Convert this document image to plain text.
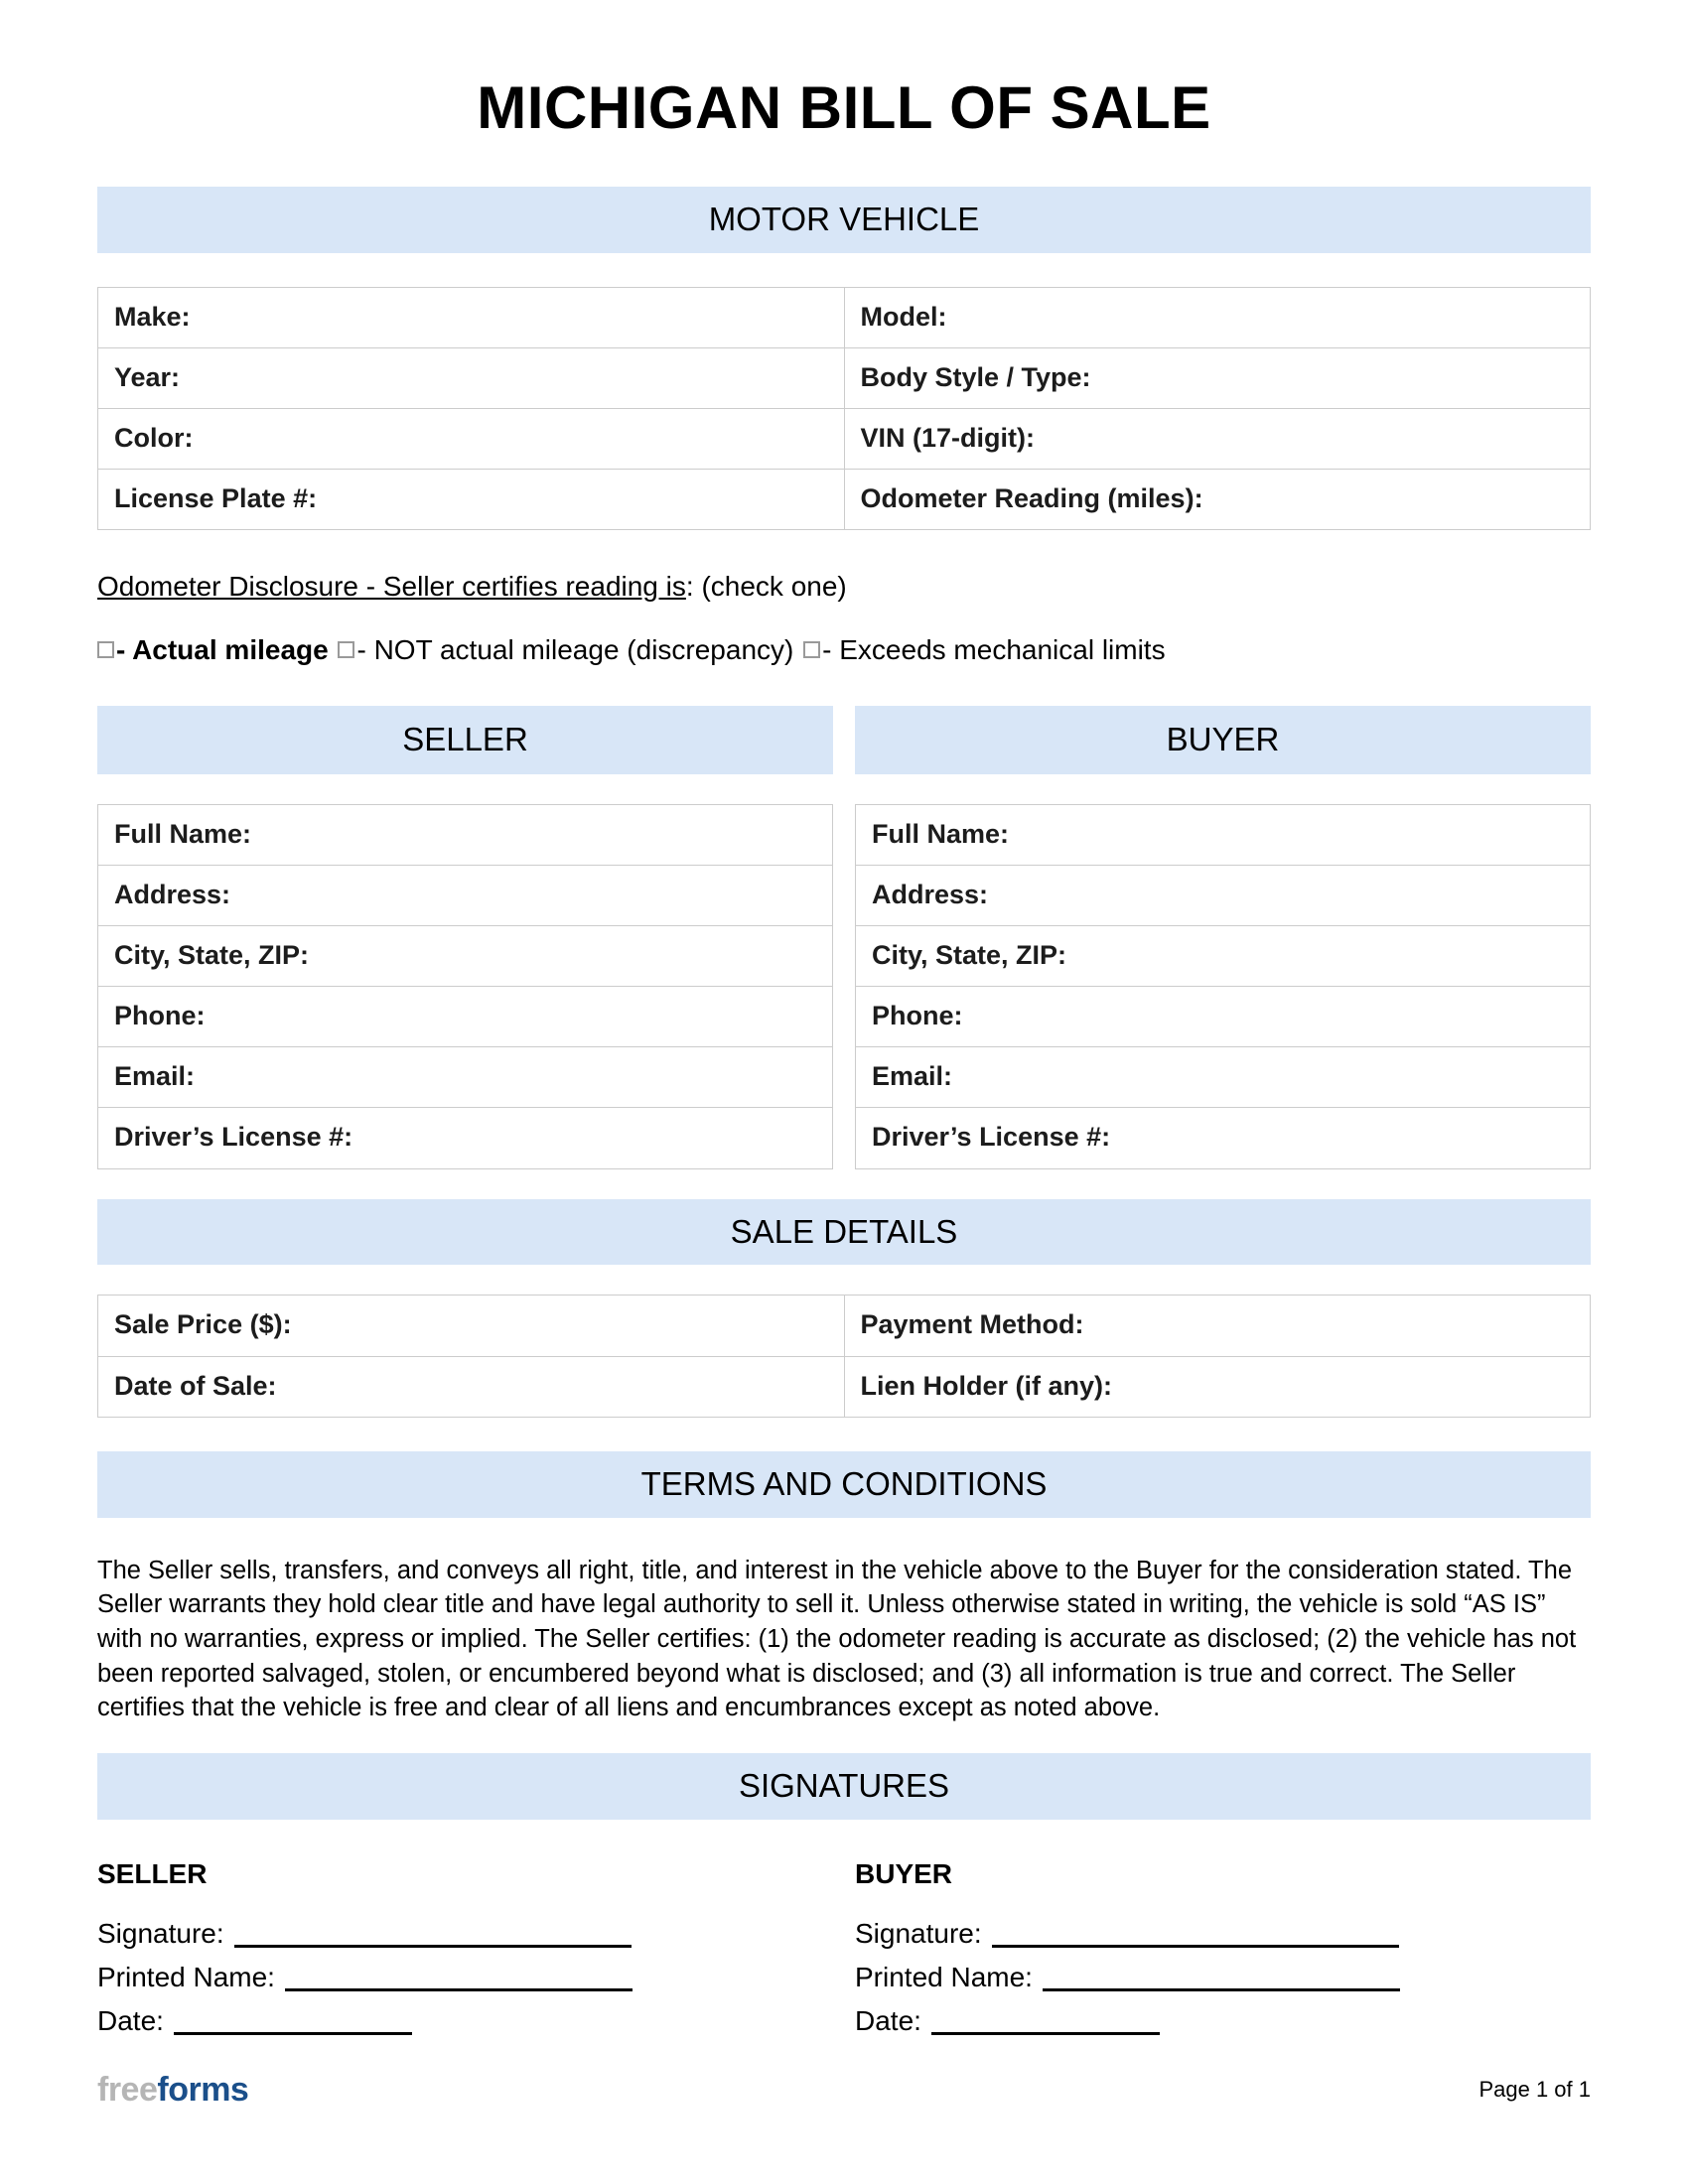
MICHIGAN BILL OF SALE
MOTOR VEHICLE
Make:	Model:
Year:	Body Style / Type:
Color:	VIN (17-digit):
License Plate #:	Odometer Reading (miles):
Odometer Disclosure - Seller certifies reading is: (check one)
- Actual mileage - NOT actual mileage (discrepancy) - Exceeds mechanical limits
SELLER	BUYER
Full Name:
Address:
City, State, ZIP:
Phone:
Email:
Driver’s License #:
Full Name:
Address:
City, State, ZIP:
Phone:
Email:
Driver’s License #:
SALE DETAILS
Sale Price ($):	Payment Method:
Date of Sale:	Lien Holder (if any):
TERMS AND CONDITIONS
The Seller sells, transfers, and conveys all right, title, and interest in the vehicle above to the Buyer for the consideration stated. The Seller warrants they hold clear title and have legal authority to sell it. Unless otherwise stated in writing, the vehicle is sold “AS IS” with no warranties, express or implied. The Seller certifies: (1) the odometer reading is accurate as disclosed; (2) the vehicle has not been reported salvaged, stolen, or encumbered beyond what is disclosed; and (3) all information is true and correct. The Seller certifies that the vehicle is free and clear of all liens and encumbrances except as noted above.
SIGNATURES
SELLER
Signature:
Printed Name:
Date:
BUYER
Signature:
Printed Name:
Date:
freeforms	Page 1 of 1
